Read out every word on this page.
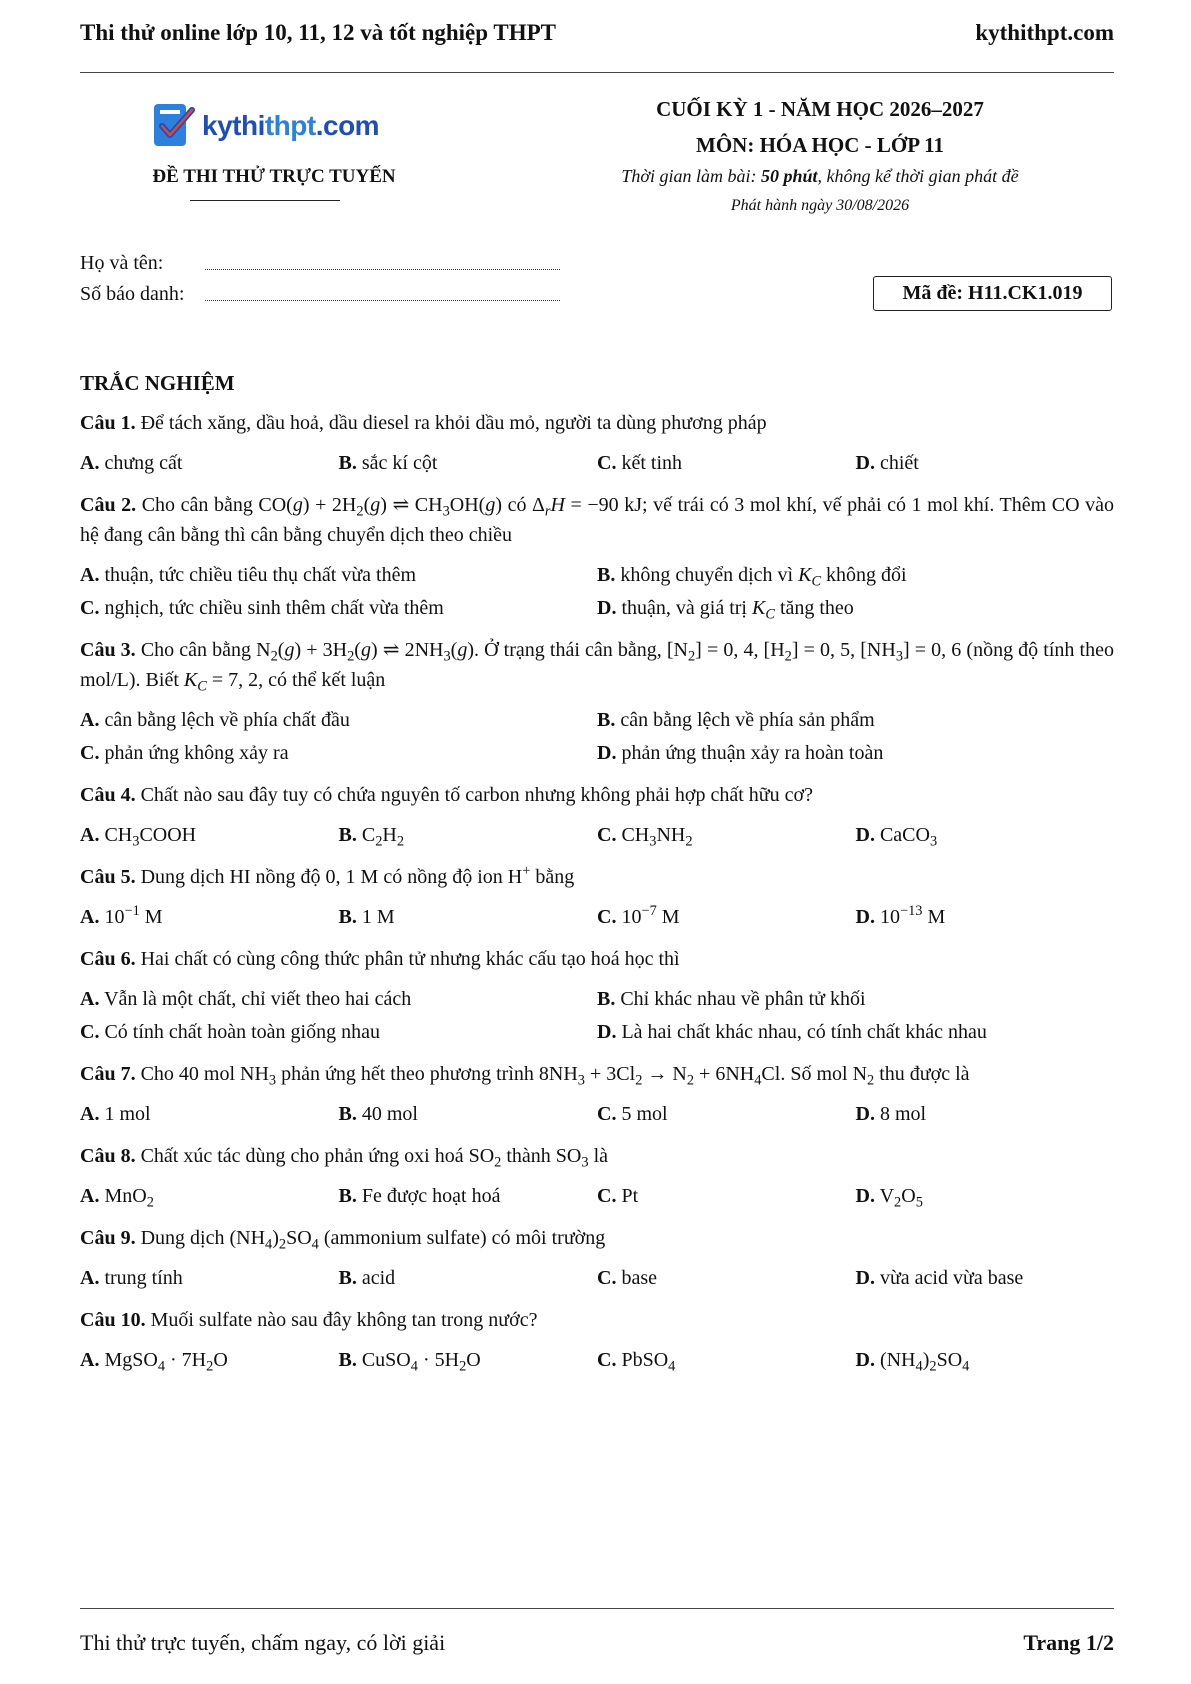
Thi thử online lớp 10, 11, 12 và tốt nghiệp THPT	kythithpt.com
kythithpt.com
ĐỀ THI THỬ TRỰC TUYẾN
CUỐI KỲ 1 - NĂM HỌC 2026–2027
MÔN: HÓA HỌC - LỚP 11
Thời gian làm bài: 50 phút, không kể thời gian phát đề
Phát hành ngày 30/08/2026
Họ và tên:
Số báo danh:	Mã đề: H11.CK1.019
TRẮC NGHIỆM
Câu 1. Để tách xăng, dầu hoả, dầu diesel ra khỏi dầu mỏ, người ta dùng phương pháp
A. chưng cất	B. sắc kí cột	C. kết tinh	D. chiết
Câu 2. Cho cân bằng $CO(g) + 2H_2(g)$ ⇌ $CH_3OH(g)$ có $\Delta_rH = -90$ kJ; vế trái có 3 mol khí, vế phải có 1 mol khí. Thêm CO vào hệ đang cân bằng thì cân bằng chuyển dịch theo chiều
A. thuận, tức chiều tiêu thụ chất vừa thêm	B. không chuyển dịch vì $K_C$ không đổi
C. nghịch, tức chiều sinh thêm chất vừa thêm	D. thuận, và giá trị $K_C$ tăng theo
Câu 3. Cho cân bằng $N_2(g) + 3H_2(g)$ ⇌ $2NH_3(g)$. Ở trạng thái cân bằng, $[N_2] = 0$, 4, $[H_2] = 0$, 5, $[NH_3] = 0$, 6 (nồng độ tính theo mol/L). Biết $K_C = 7$, 2, có thể kết luận
A. cân bằng lệch về phía chất đầu	B. cân bằng lệch về phía sản phẩm
C. phản ứng không xảy ra	D. phản ứng thuận xảy ra hoàn toàn
Câu 4. Chất nào sau đây tuy có chứa nguyên tố carbon nhưng không phải hợp chất hữu cơ?
A. $CH_3COOH$	B. $C_2H_2$	C. $CH_3NH_2$	D. CaCO$_3$
Câu 5. Dung dịch HI nồng độ 0, 1 M có nồng độ ion H+ bằng
A. $10^{-1}$ M	B. 1 M	C. $10^{-7}$ M	D. $10^{-13}$ M
Câu 6. Hai chất có cùng công thức phân tử nhưng khác cấu tạo hoá học thì
A. Vẫn là một chất, chỉ viết theo hai cách	B. Chỉ khác nhau về phân tử khối
C. Có tính chất hoàn toàn giống nhau	D. Là hai chất khác nhau, có tính chất khác nhau
Câu 7. Cho 40 mol $NH_3$ phản ứng hết theo phương trình $8NH_3 + 3Cl_2 \to N_2 + 6NH_4Cl$. Số mol $N_2$ thu được là
A. 1 mol	B. 40 mol	C. 5 mol	D. 8 mol
Câu 8. Chất xúc tác dùng cho phản ứng oxi hoá $SO_2$ thành $SO_3$ là
A. MnO$_2$	B. Fe được hoạt hoá	C. Pt	D. $V_2O_5$
Câu 9. Dung dịch $(NH_4)_2SO_4$ (ammonium sulfate) có môi trường
A. trung tính	B. acid	C. base	D. vừa acid vừa base
Câu 10. Muối sulfate nào sau đây không tan trong nước?
A. MgSO$_4$ · $7H_2O$	B. CuSO$_4$ · $5H_2O$	C. PbSO$_4$	D. $(NH_4)_2SO_4$
Thi thử trực tuyến, chấm ngay, có lời giải	Trang 1/2
